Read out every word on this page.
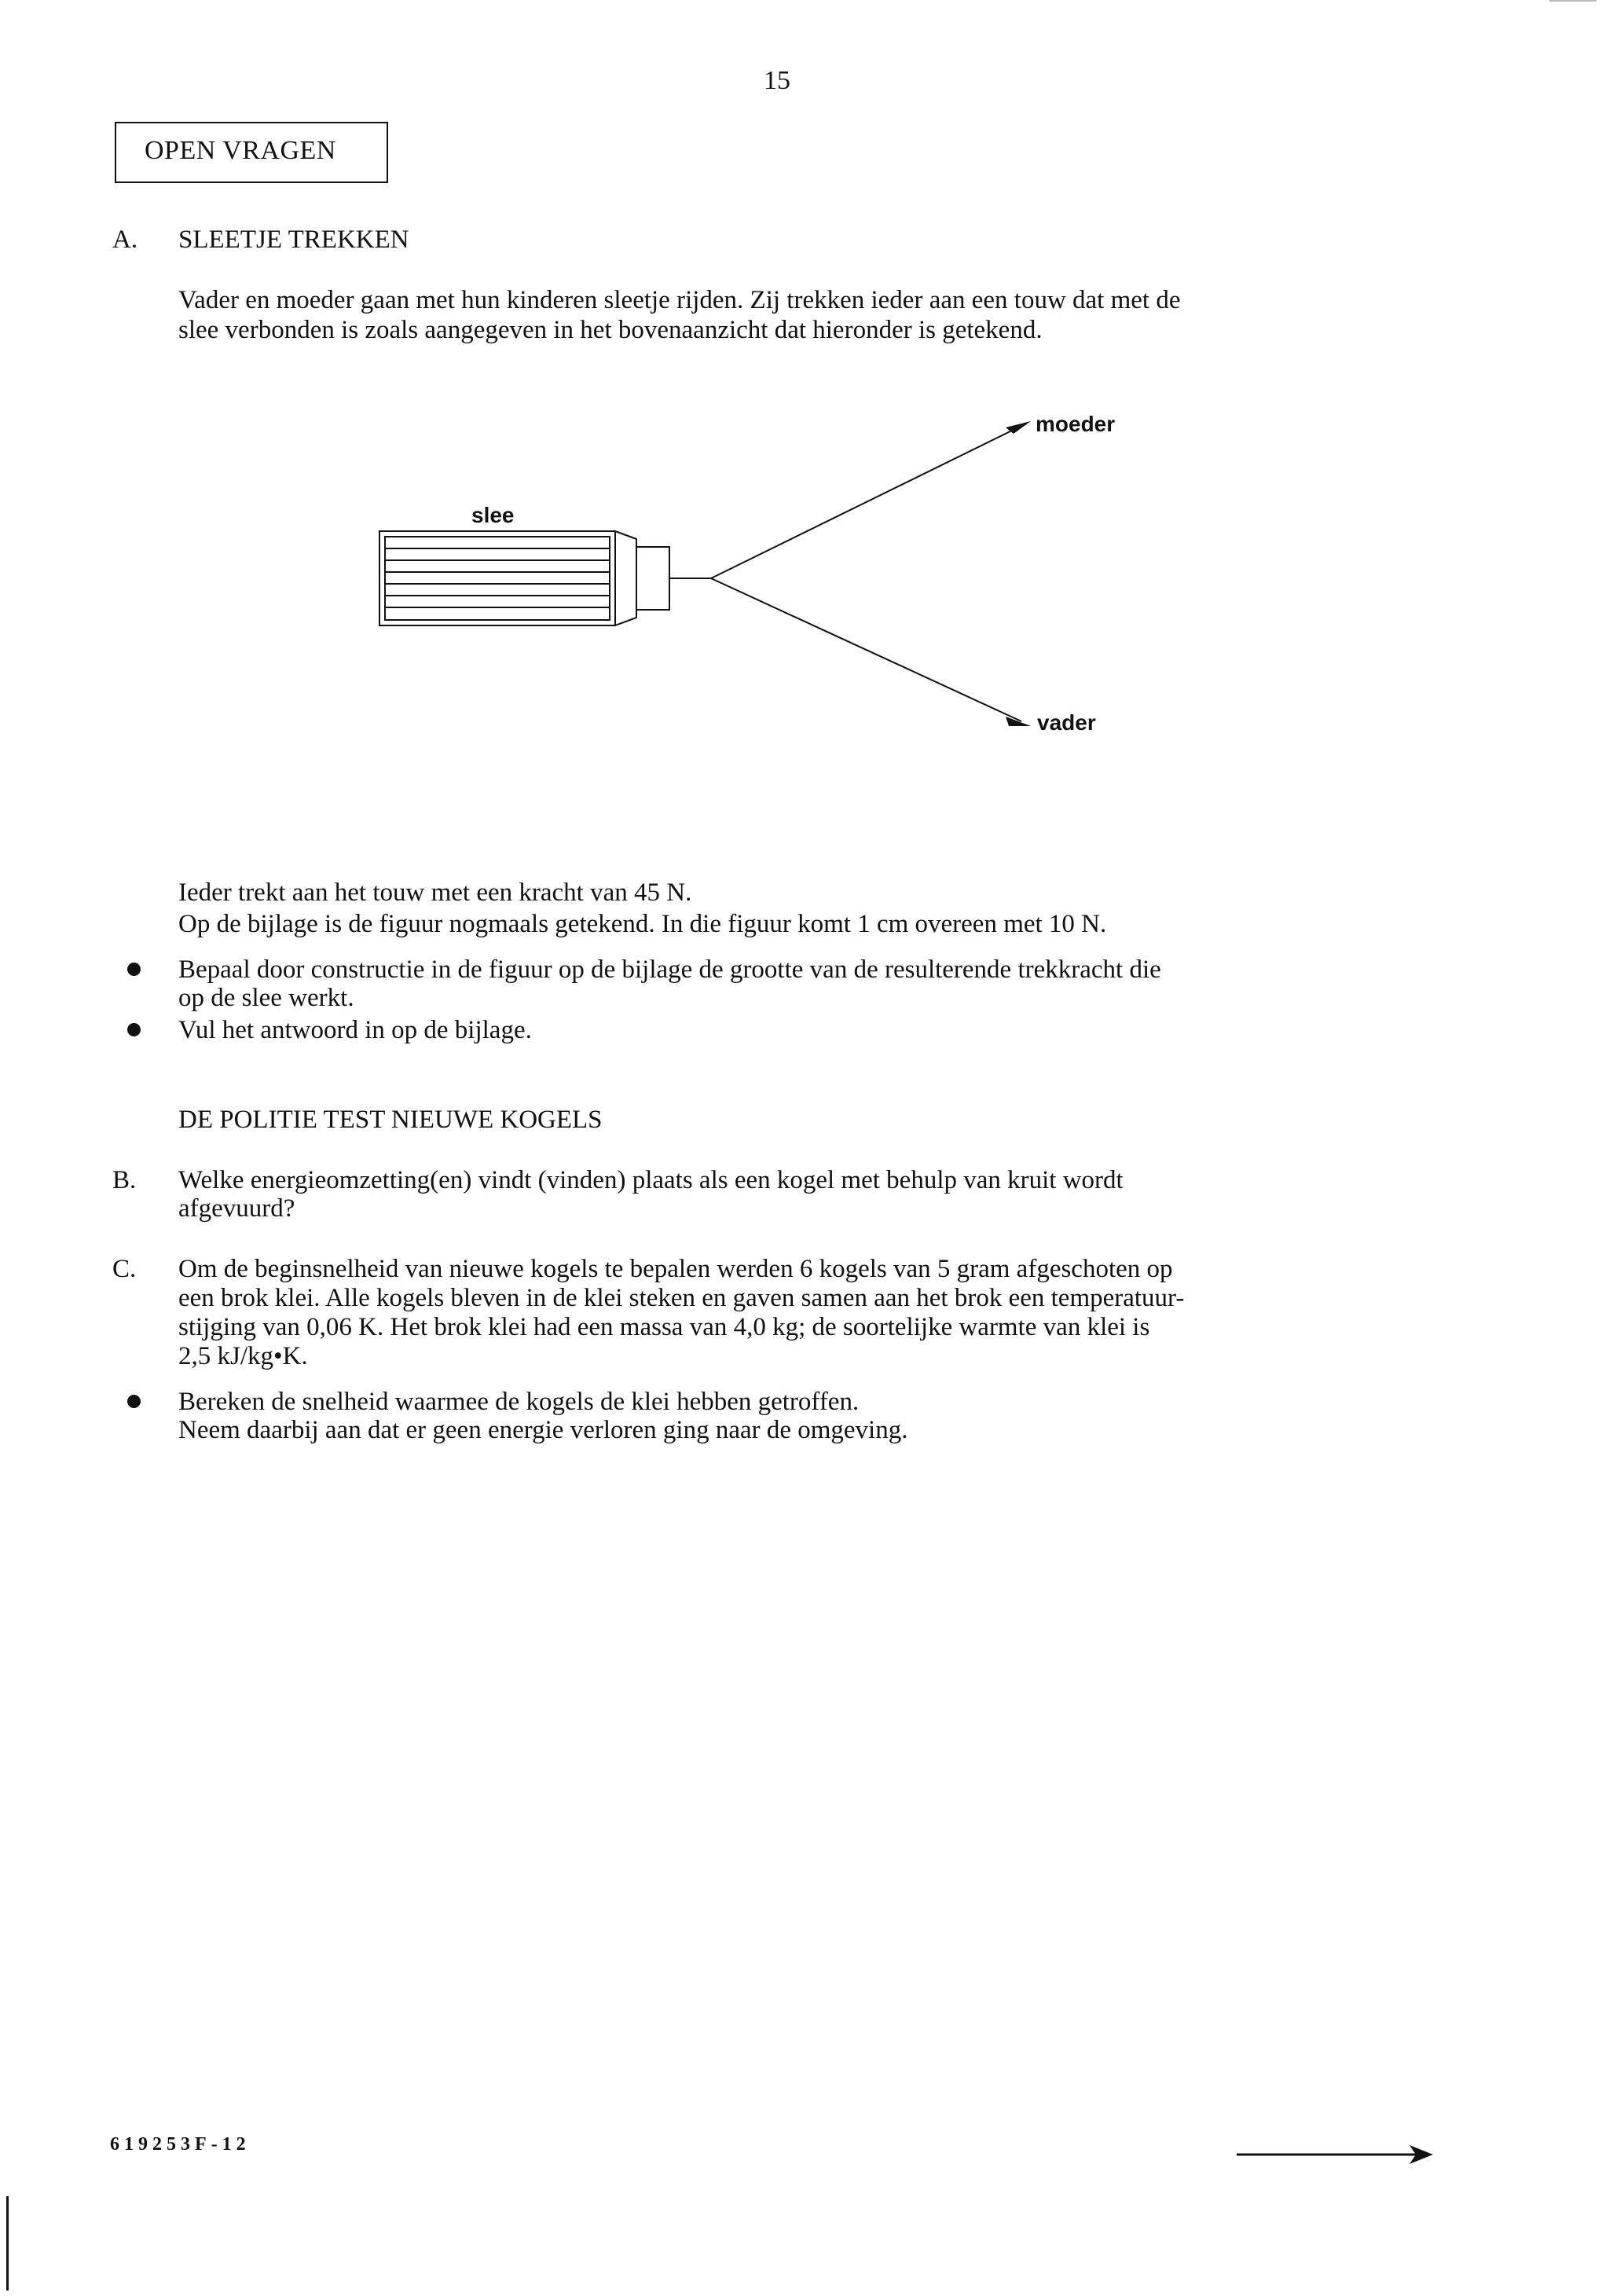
15
OPEN VRAGEN
A. SLEETJE TREKKEN
Vader en moeder gaan met hun kinderen sleetje rijden. Zij trekken ieder aan een touw dat met de
slee verbonden is zoals aangegeven in het bovenaanzicht dat hieronder is getekend.
slee
moeder
vader
Ieder trekt aan het touw met een kracht van 45 N.
Op de bijlage is de figuur nogmaals getekend. In die figuur komt 1 cm overeen met 10 N.
Bepaal door constructie in de figuur op de bijlage de grootte van de resulterende trekkracht die
op de slee werkt.
Vul het antwoord in op de bijlage.
DE POLITIE TEST NIEUWE KOGELS
B. Welke energieomzetting(en) vindt (vinden) plaats als een kogel met behulp van kruit wordt
afgevuurd?
C. Om de beginsnelheid van nieuwe kogels te bepalen werden 6 kogels van 5 gram afgeschoten op
een brok klei. Alle kogels bleven in de klei steken en gaven samen aan het brok een temperatuur-
stijging van 0,06 K. Het brok klei had een massa van 4,0 kg; de soortelijke warmte van klei is
2,5 kJ/kg•K.
Bereken de snelheid waarmee de kogels de klei hebben getroffen.
Neem daarbij aan dat er geen energie verloren ging naar de omgeving.
619253F-12
